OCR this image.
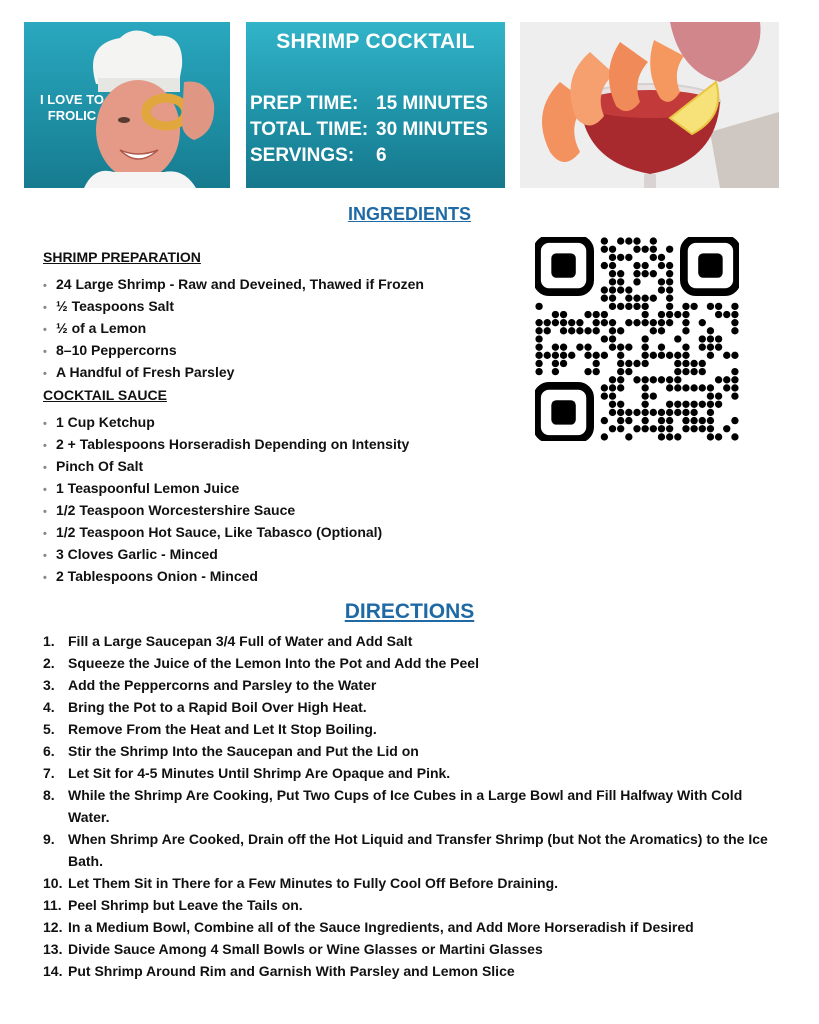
I LOVE TO FROLIC
SHRIMP COCKTAIL
PREP TIME: 15 MINUTES
TOTAL TIME: 30 MINUTES
SERVINGS: 6
INGREDIENTS
SHRIMP PREPARATION
• 24 Large Shrimp - Raw and Deveined, Thawed if Frozen
• ½ Teaspoons Salt
• ½ of a Lemon
• 8–10 Peppercorns
• A Handful of Fresh Parsley
COCKTAIL SAUCE
• 1 Cup Ketchup
• 2 + Tablespoons Horseradish Depending on Intensity
• Pinch Of Salt
• 1 Teaspoonful Lemon Juice
• 1/2 Teaspoon Worcestershire Sauce
• 1/2 Teaspoon Hot Sauce, Like Tabasco (Optional)
• 3 Cloves Garlic - Minced
• 2 Tablespoons Onion - Minced
DIRECTIONS
1. Fill a Large Saucepan 3/4 Full of Water and Add Salt
2. Squeeze the Juice of the Lemon Into the Pot and Add the Peel
3. Add the Peppercorns and Parsley to the Water
4. Bring the Pot to a Rapid Boil Over High Heat.
5. Remove From the Heat and Let It Stop Boiling.
6. Stir the Shrimp Into the Saucepan and Put the Lid on
7. Let Sit for 4-5 Minutes Until Shrimp Are Opaque and Pink.
8. While the Shrimp Are Cooking, Put Two Cups of Ice Cubes in a Large Bowl and Fill Halfway With Cold Water.
9. When Shrimp Are Cooked, Drain off the Hot Liquid and Transfer Shrimp (but Not the Aromatics) to the Ice Bath.
10. Let Them Sit in There for a Few Minutes to Fully Cool Off Before Draining.
11. Peel Shrimp but Leave the Tails on.
12. In a Medium Bowl, Combine all of the Sauce Ingredients, and Add More Horseradish if Desired
13. Divide Sauce Among 4 Small Bowls or Wine Glasses or Martini Glasses
14. Put Shrimp Around Rim and Garnish With Parsley and Lemon Slice
